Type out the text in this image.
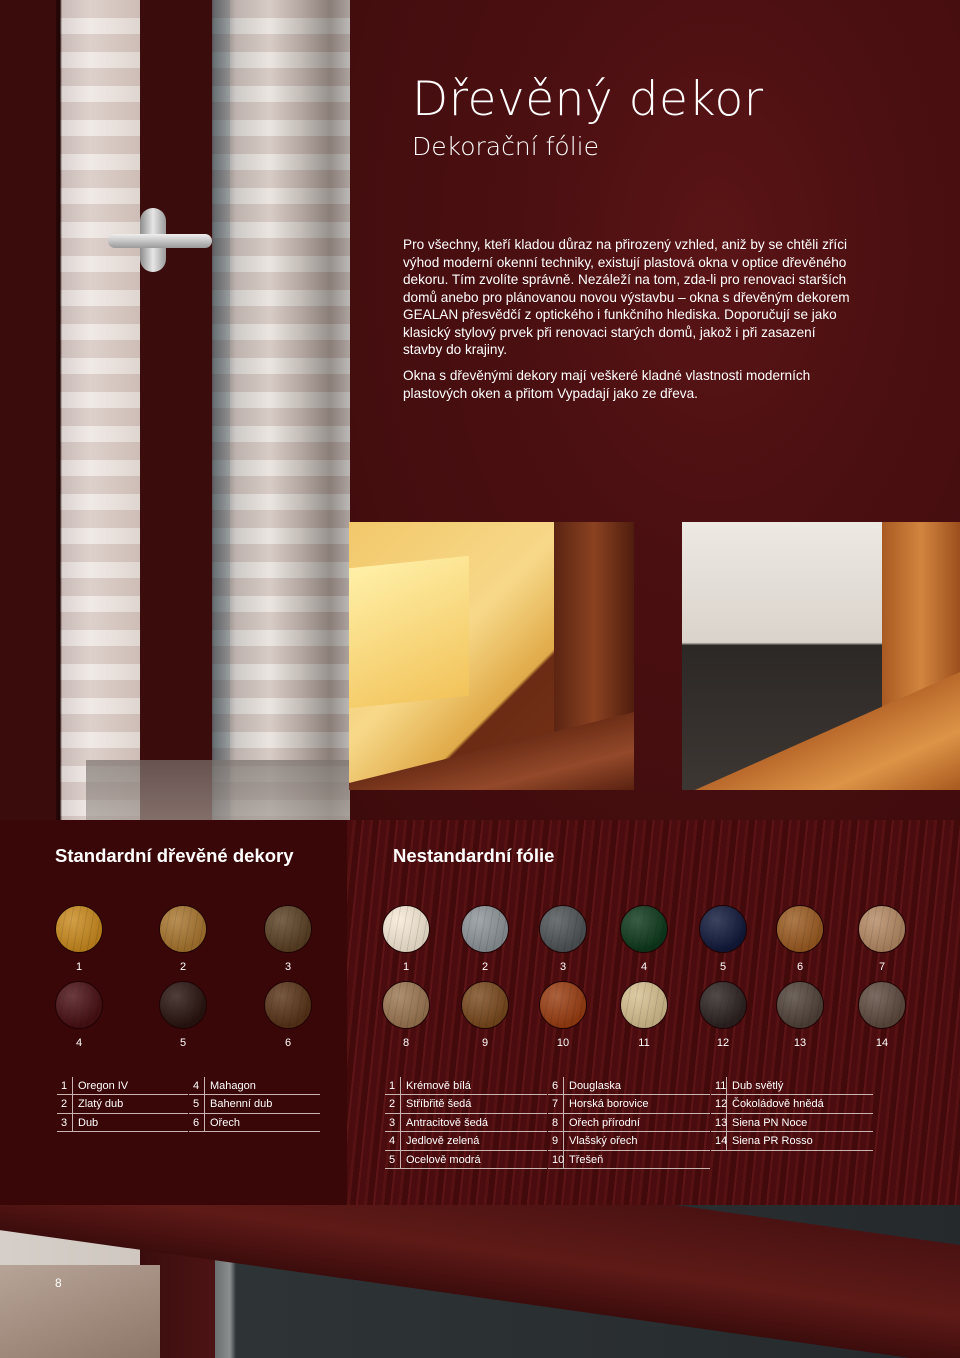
Dřevěný dekor
Dekorační fólie

Pro všechny, kteří kladou důraz na přirozený vzhled, aniž by se chtěli zříci výhod moderní okenní techniky, existují plastová okna v optice dřevěného dekoru. Tím zvolíte správně. Nezáleží na tom, zda-li pro renovaci starších domů anebo pro plánovanou novou výstavbu – okna s dřevěným dekorem GEALAN přesvědčí z optického i funkčního hlediska. Doporučují se jako klasický stylový prvek při renovaci starých domů, jakož i při zasazení stavby do krajiny.

Okna s dřevěnými dekory mají veškeré kladné vlastnosti moderních plastových oken a přitom Vypadají jako ze dřeva.

Standardní dřevěné dekory	Nestandardní fólie
1	2	3
4	5	6
1	2	3	4	5	6	7
8	9	10	11	12	13	14
1 Oregon IV
2 Zlatý dub
3 Dub
4 Mahagon
5 Bahenní dub
6 Ořech
1 Krémově bílá
2 Stříbřitě šedá
3 Antracitově šedá
4 Jedlově zelená
5 Ocelově modrá
6 Douglaska
7 Horská borovice
8 Ořech přírodní
9 Vlašský ořech
10 Třešeň
11 Dub světlý
12 Čokoládově hnědá
13 Siena PN Noce
14 Siena PR Rosso
8
